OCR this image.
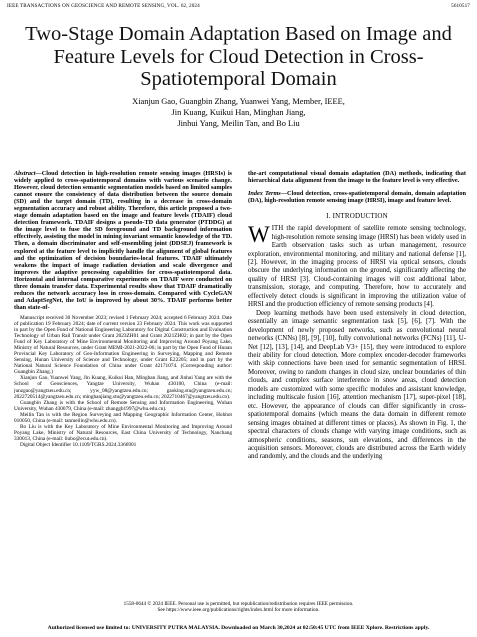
IEEE TRANSACTIONS ON GEOSCIENCE AND REMOTE SENSING, VOL. 62, 2024	5610517
Two-Stage Domain Adaptation Based on Image and Feature Levels for Cloud Detection in Cross-Spatiotemporal Domain
Xianjun Gao, Guangbin Zhang, Yuanwei Yang, Member, IEEE,
Jin Kuang, Kuikui Han, Minghan Jiang,
Jinhui Yang, Meilin Tan, and Bo Liu
Abstract—Cloud detection in high-resolution remote sensing images (HRSIs) is widely applied to cross-spatiotemporal domains with various scenario change. However, cloud detection semantic segmentation models based on limited samples cannot ensure the consistency of data distribution between the source domain (SD) and the target domain (TD), resulting in a decrease in cross-domain segmentation accuracy and robust ability. Therefore, this article proposed a two-stage domain adaptation based on the image and feature levels (TDAIF) cloud detection framework. TDAIF designs a pseudo-TD data generator (PTDDG) at the image level to fuse the SD foreground and TD background information effectively, assisting the model in mining invariant semantic knowledge of the TD. Then, a domain discriminator and self-ensembling joint (DDSEJ) framework is explored at the feature level to implicitly handle the alignment of global features and the optimization of decision boundaries-local features. TDAIF ultimately weakens the impact of image radiation deviation and scale divergence and improves the adaptive processing capabilities for cross-spatiotemporal data. Horizontal and internal comparative experiments on TDAIF were conducted on three domain transfer data. Experimental results show that TDAIF dramatically reduces the network accuracy loss in cross-domain. Compared with CycleGAN and AdaptSegNet, the IoU is improved by about 30%. TDAIF performs better than state-of-

Manuscript received 30 November 2023; revised 1 February 2024; accepted 6 February 2024. Date of publication 19 February 2024; date of current version 23 February 2024. This work was supported in part by the Open Fund of National Engineering Laboratory for Digital Construction and Evaluation Technology of Urban Rail Transit under Grant 2023ZH01 and Grant 2021ZH02; in part by the Open Fund of Key Laboratory of Mine Environmental Monitoring and Improving Around Poyang Lake, Ministry of Natural Resources, under Grant MEMI-2021-2022-06; in part by the Open Fund of Hunan Provincial Key Laboratory of Geo-Information Engineering in Surveying, Mapping and Remote Sensing, Hunan University of Science and Technology, under Grant E22205; and in part by the National Natural Science Foundation of China under Grant 42171074. (Corresponding author: Guangbin Zhang.)

Xianjun Gao, Yuanwei Yang, Jin Kuang, Kuikui Han, Minghan Jiang, and Jinhui Yang are with the School of Geosciences, Yangtze University, Wuhan 430100, China (e-mail: junzgao@yangtzeu.edu.cn; yyw_08@yangtzeu.edu.cn; gaoking.stu@yangtzeu.edu.cn; 2022720514@yangtzeu.edu.cn; minghanjiang.stu@yangtzeu.edu.cn; 2022710467@yangtzeu.edu.cn).

Guangbin Zhang is with the School of Remote Sensing and Information Engineering, Wuhan University, Wuhan 430079, China (e-mail: zhanggb1997@whu.edu.cn).

Meilin Tan is with the Region Surveying and Mapping Geographic Information Center, Hohhot 010050, China (e-mail: tanmeilin@whu.edu.cn).

Bo Liu is with the Key Laboratory of Mine Environmental Monitoring and Improving Around Poyang Lake, Ministry of Natural Resources, East China University of Technology, Nanchang 330013, China (e-mail: liubo@ecut.edu.cn).

Digital Object Identifier 10.1109/TGRS.2024.3366901

the-art computational visual domain adaptation (DA) methods, indicating that hierarchical data alignment from the image to the feature level is very effective.
Index Terms—Cloud detection, cross-spatiotemporal domain, domain adaptation (DA), high-resolution remote sensing image (HRSI), image and feature level.
I. INTRODUCTION

WITH the rapid development of satellite remote sensing technology, high-resolution remote sensing image (HRSI) has been widely used in Earth observation tasks such as urban management, resource exploration, environmental monitoring, and military and national defense [1], [2]. However, in the imaging process of HRSI via optical sensors, clouds obscure the underlying information on the ground, significantly affecting the quality of HRSI [3]. Cloud-containing images will cost additional labor, transmission, storage, and computing. Therefore, how to accurately and effectively detect clouds is significant in improving the utilization value of HRSI and the production efficiency of remote sensing products [4].

Deep learning methods have been used extensively in cloud detection, essentially an image semantic segmentation task [5], [6], [7]. With the development of newly proposed networks, such as convolutional neural networks (CNNs) [8], [9], [10], fully convolutional networks (FCNs) [11], U-Net [12], [13], [14], and DeepLab V3+ [15], they were introduced to explore their ability for cloud detection. More complex encoder-decoder frameworks with skip connections have been used for semantic segmentation of HRSI. Moreover, owing to random changes in cloud size, unclear boundaries of thin clouds, and complex surface interference in snow areas, cloud detection models are customized with some specific modules and assistant knowledge, including multiscale fusion [16], attention mechanism [17], super-pixel [18], etc. However, the appearance of clouds can differ significantly in cross-spatiotemporal domains (which means the data domain in different remote sensing images obtained at different times or places). As shown in Fig. 1, the spectral characters of clouds change with varying image conditions, such as atmospheric conditions, seasons, sun elevations, and differences in the acquisition sensors. Moreover, clouds are distributed across the Earth widely and randomly, and the clouds and the underlying

1558-0644 © 2024 IEEE. Personal use is permitted, but republication/redistribution requires IEEE permission.
See https://www.ieee.org/publications/rights/index.html for more information.
Authorized licensed use limited to: UNIVERSITY PUTRA MALAYSIA. Downloaded on March 30,2024 at 02:50:45 UTC from IEEE Xplore. Restrictions apply.
